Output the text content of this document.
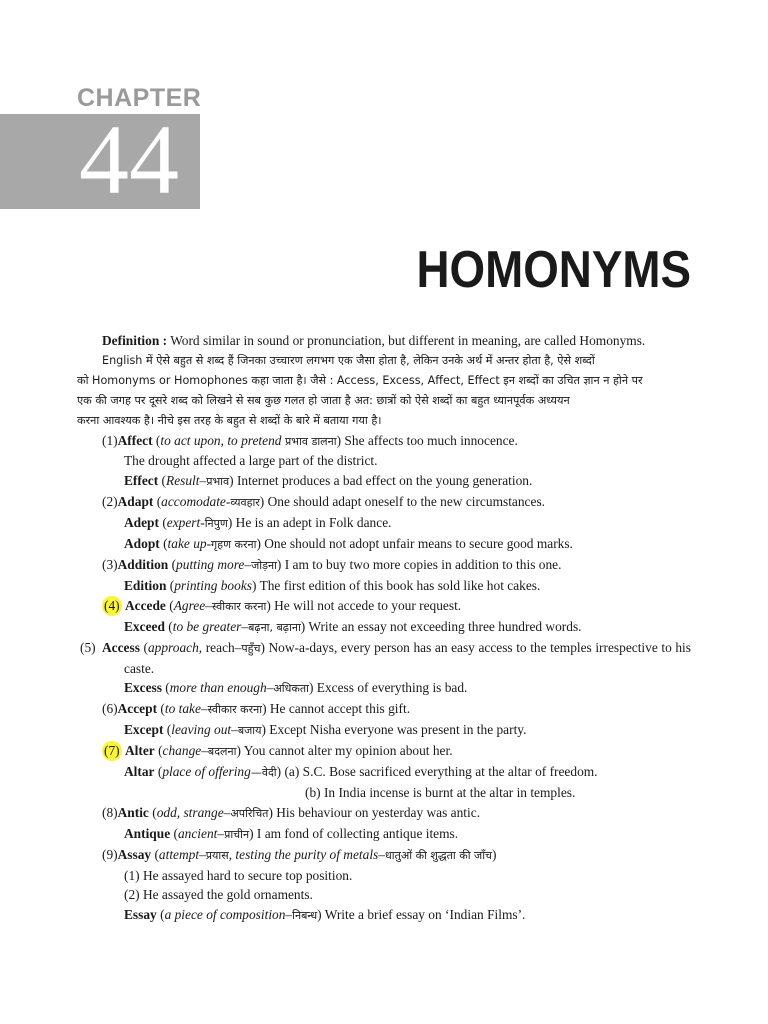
CHAPTER
44
HOMONYMS

Definition : Word similar in sound or pronunciation, but different in meaning, are called Homonyms.

English में ऐसे बहुत से शब्द हैं जिनका उच्चारण लगभग एक जैसा होता है, लेकिन उनके अर्थ में अन्तर होता है, ऐसे शब्दों
को Homonyms or Homophones कहा जाता है। जैसे : Access, Excess, Affect, Effect इन शब्दों का उचित ज्ञान न होने पर
एक की जगह पर दूसरे शब्द को लिखने से सब कुछ गलत हो जाता है अत: छात्रों को ऐसे शब्दों का बहुत ध्यानपूर्वक अध्ययन
करना आवश्यक है। नीचे इस तरह के बहुत से शब्दों के बारे में बताया गया है।
(1)Affect (to act upon, to pretend प्रभाव डालना) She affects too much innocence.
The drought affected a large part of the district.
Effect (Result–प्रभाव) Internet produces a bad effect on the young generation.
(2)Adapt (accomodate-व्यवहार) One should adapt oneself to the new circumstances.
Adept (expert-निपुण) He is an adept in Folk dance.
Adopt (take up-गृहण करना) One should not adopt unfair means to secure good marks.
(3)Addition (putting more–जोड़ना) I am to buy two more copies in addition to this one.
Edition (printing books) The first edition of this book has sold like hot cakes.
(4) Accede (Agree–स्वीकार करना) He will not accede to your request.
Exceed (to be greater–बढ़ना, बढ़ाना) Write an essay not exceeding three hundred words.
(5)Access (approach, reach–पहुँच) Now-a-days, every person has an easy access to the temples irrespective to his caste.
Excess (more than enough–अधिकता) Excess of everything is bad.
(6)Accept (to take–स्वीकार करना) He cannot accept this gift.
Except (leaving out–बजाय) Except Nisha everyone was present in the party.
(7) Alter (change–बदलना) You cannot alter my opinion about her.
Altar (place of offering—वेदी) (a) S.C. Bose sacrificed everything at the altar of freedom.
(b) In India incense is burnt at the altar in temples.
(8)Antic (odd, strange–अपरिचित) His behaviour on yesterday was antic.
Antique (ancient–प्राचीन) I am fond of collecting antique items.
(9)Assay (attempt–प्रयास, testing the purity of metals–धातुओं की शुद्धता की जाँच)
(1) He assayed hard to secure top position.
(2) He assayed the gold ornaments.
Essay (a piece of composition–निबन्ध) Write a brief essay on ‘Indian Films’.
